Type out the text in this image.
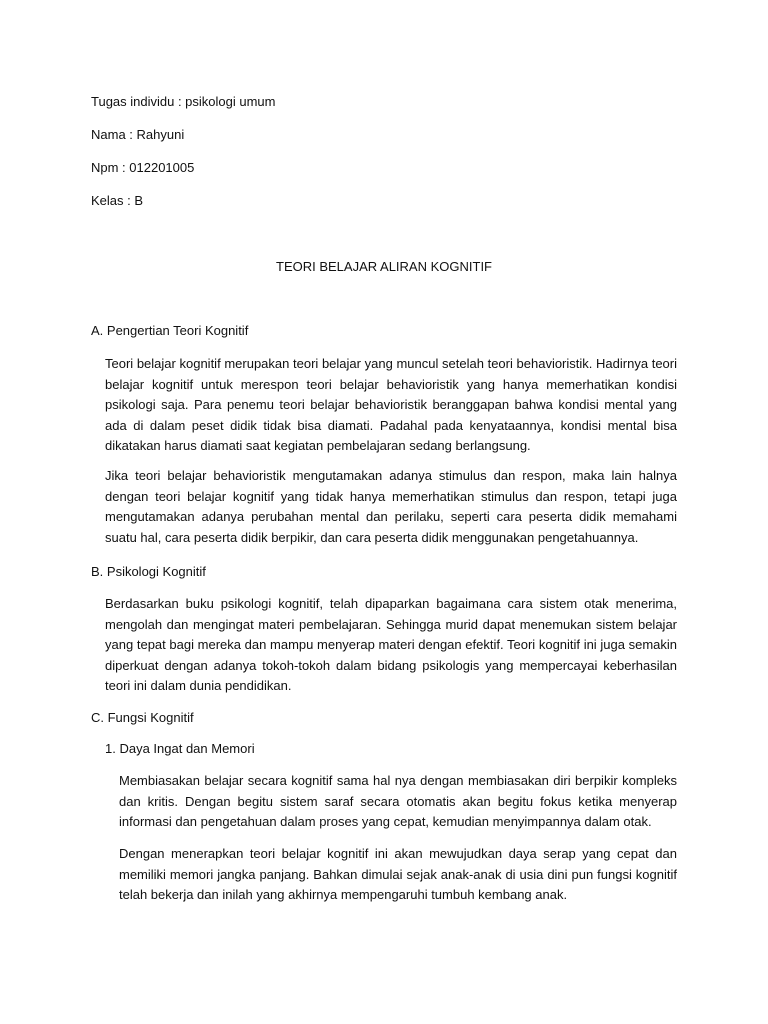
Tugas individu : psikologi umum
Nama : Rahyuni
Npm : 012201005
Kelas : B
TEORI BELAJAR ALIRAN KOGNITIF
A. Pengertian Teori Kognitif

Teori belajar kognitif merupakan teori belajar yang muncul setelah teori behavioristik. Hadirnya teori belajar kognitif untuk merespon teori belajar behavioristik yang hanya memerhatikan kondisi psikologi saja. Para penemu teori belajar behavioristik beranggapan bahwa kondisi mental yang ada di dalam peset didik tidak bisa diamati. Padahal pada kenyataannya, kondisi mental bisa dikatakan harus diamati saat kegiatan pembelajaran sedang berlangsung.

Jika teori belajar behavioristik mengutamakan adanya stimulus dan respon, maka lain halnya dengan teori belajar kognitif yang tidak hanya memerhatikan stimulus dan respon, tetapi juga mengutamakan adanya perubahan mental dan perilaku, seperti cara peserta didik memahami suatu hal, cara peserta didik berpikir, dan cara peserta didik menggunakan pengetahuannya.

B. Psikologi Kognitif

Berdasarkan buku psikologi kognitif, telah dipaparkan bagaimana cara sistem otak menerima, mengolah dan mengingat materi pembelajaran. Sehingga murid dapat menemukan sistem belajar yang tepat bagi mereka dan mampu menyerap materi dengan efektif. Teori kognitif ini juga semakin diperkuat dengan adanya tokoh-tokoh dalam bidang psikologis yang mempercayai keberhasilan teori ini dalam dunia pendidikan.

C. Fungsi Kognitif
1. Daya Ingat dan Memori

Membiasakan belajar secara kognitif sama hal nya dengan membiasakan diri berpikir kompleks dan kritis. Dengan begitu sistem saraf secara otomatis akan begitu fokus ketika menyerap informasi dan pengetahuan dalam proses yang cepat, kemudian menyimpannya dalam otak.

Dengan menerapkan teori belajar kognitif ini akan mewujudkan daya serap yang cepat dan memiliki memori jangka panjang. Bahkan dimulai sejak anak-anak di usia dini pun fungsi kognitif telah bekerja dan inilah yang akhirnya mempengaruhi tumbuh kembang anak.
